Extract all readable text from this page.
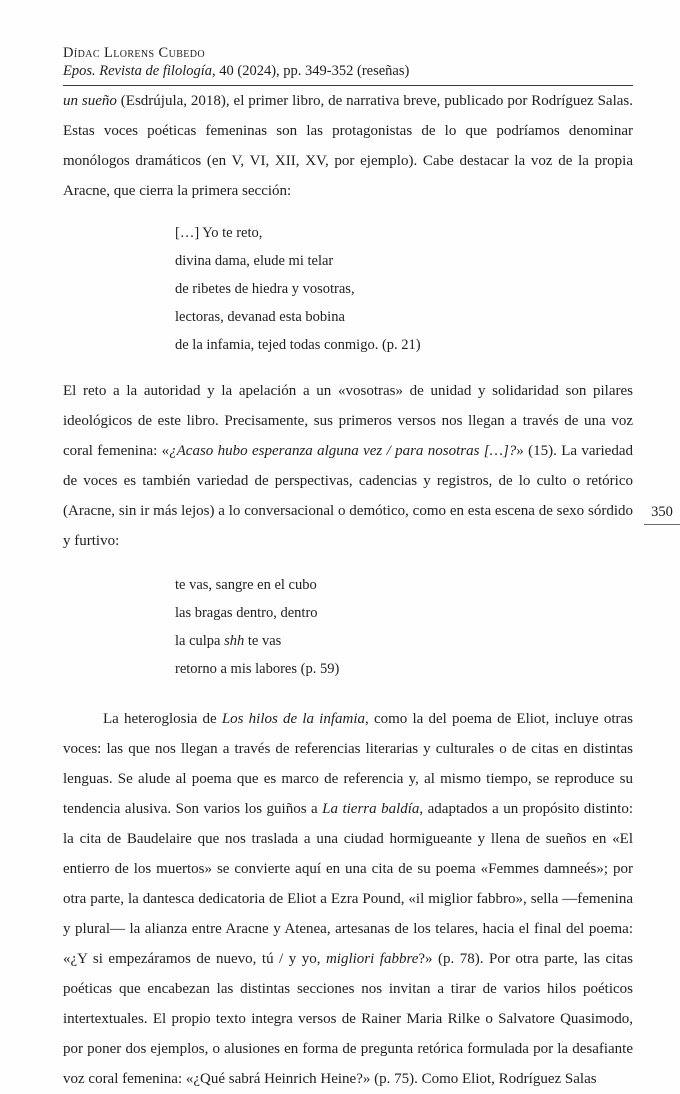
Dídac Llorens Cubedo
Epos. Revista de filología, 40 (2024), pp. 349-352 (reseñas)

un sueño (Esdrújula, 2018), el primer libro, de narrativa breve, publicado por Rodríguez Salas. Estas voces poéticas femeninas son las protagonistas de lo que podríamos denominar monólogos dramáticos (en V, VI, XII, XV, por ejemplo). Cabe destacar la voz de la propia Aracne, que cierra la primera sección:

[…] Yo te reto,
divina dama, elude mi telar
de ribetes de hiedra y vosotras,
lectoras, devanad esta bobina
de la infamia, tejed todas conmigo. (p. 21)

El reto a la autoridad y la apelación a un «vosotras» de unidad y solidaridad son pilares ideológicos de este libro. Precisamente, sus primeros versos nos llegan a través de una voz coral femenina: «¿Acaso hubo esperanza alguna vez / para nosotras […]?» (15). La variedad de voces es también variedad de perspectivas, cadencias y registros, de lo culto o retórico (Aracne, sin ir más lejos) a lo conversacional o demótico, como en esta escena de sexo sórdido y furtivo:

te vas, sangre en el cubo
las bragas dentro, dentro
la culpa shh te vas
retorno a mis labores (p. 59)

La heteroglosia de Los hilos de la infamia, como la del poema de Eliot, incluye otras voces: las que nos llegan a través de referencias literarias y culturales o de citas en distintas lenguas. Se alude al poema que es marco de referencia y, al mismo tiempo, se reproduce su tendencia alusiva. Son varios los guiños a La tierra baldía, adaptados a un propósito distinto: la cita de Baudelaire que nos traslada a una ciudad hormigueante y llena de sueños en «El entierro de los muertos» se convierte aquí en una cita de su poema «Femmes damneés»; por otra parte, la dantesca dedicatoria de Eliot a Ezra Pound, «il miglior fabbro», sella —femenina y plural— la alianza entre Aracne y Atenea, artesanas de los telares, hacia el final del poema: «¿Y si empezáramos de nuevo, tú / y yo, migliori fabbre?» (p. 78). Por otra parte, las citas poéticas que encabezan las distintas secciones nos invitan a tirar de varios hilos poéticos intertextuales. El propio texto integra versos de Rainer Maria Rilke o Salvatore Quasimodo, por poner dos ejemplos, o alusiones en forma de pregunta retórica formulada por la desafiante voz coral femenina: «¿Qué sabrá Heinrich Heine?» (p. 75). Como Eliot, Rodríguez Salas

350
